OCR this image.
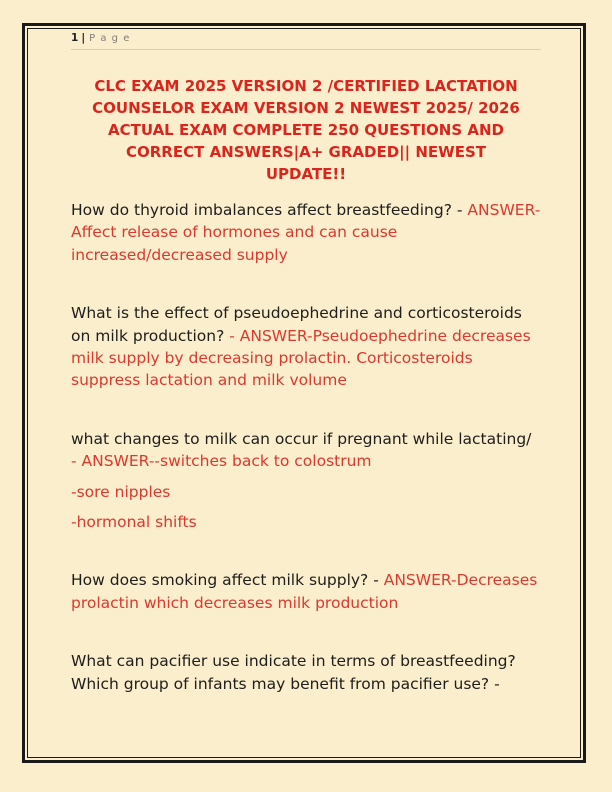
1 | P a g e
CLC EXAM 2025 VERSION 2 /CERTIFIED LACTATION
COUNSELOR EXAM VERSION 2 NEWEST 2025/ 2026
ACTUAL EXAM COMPLETE 250 QUESTIONS AND
CORRECT ANSWERS|A+ GRADED|| NEWEST
UPDATE!!
How do thyroid imbalances affect breastfeeding? - ANSWER-Affect release of hormones and can cause increased/decreased supply
What is the effect of pseudoephedrine and corticosteroids on milk production? - ANSWER-Pseudoephedrine decreases milk supply by decreasing prolactin. Corticosteroids suppress lactation and milk volume
what changes to milk can occur if pregnant while lactating/ - ANSWER--switches back to colostrum
-sore nipples
-hormonal shifts
How does smoking affect milk supply? - ANSWER-Decreases prolactin which decreases milk production
What can pacifier use indicate in terms of breastfeeding? Which group of infants may benefit from pacifier use? -
